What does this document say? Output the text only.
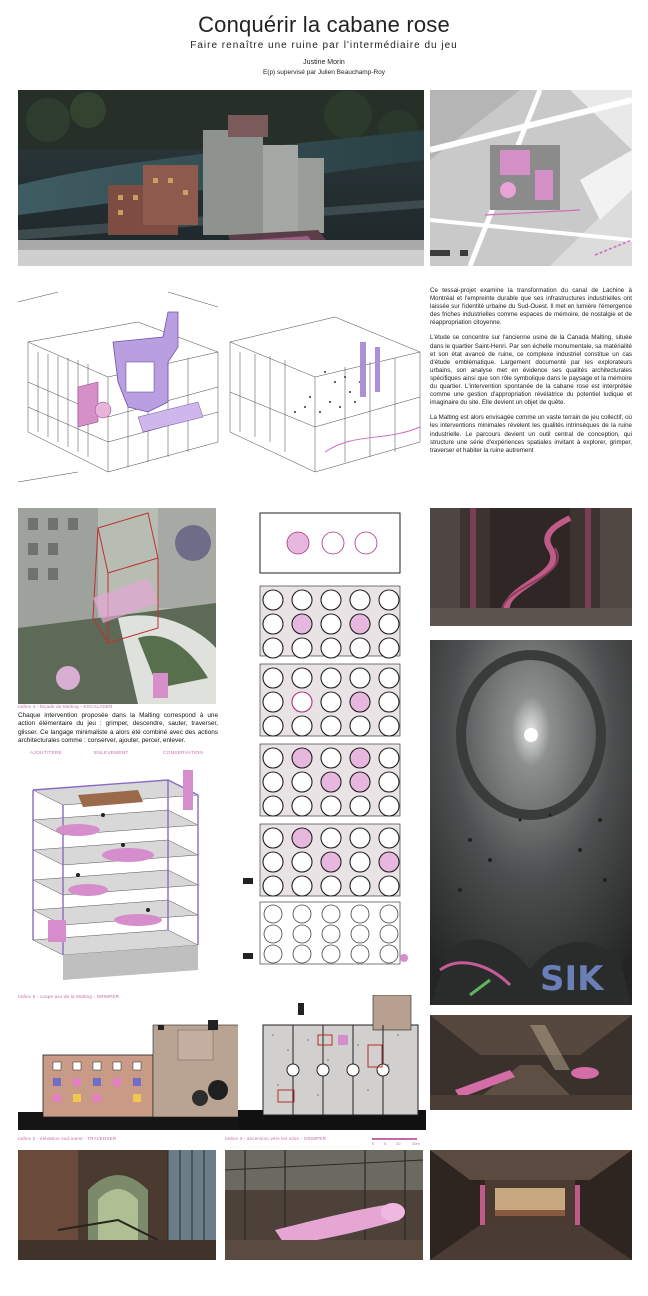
Conquérir la cabane rose
Faire renaître une ruine par l'intermédiaire du jeu
Justine Morin
E(p) supervisé par Julien Beauchamp-Roy

Ce tessai-projet examine la transformation du canal de Lachine à Montréal et l'empreinte durable que ses infrastructures industrielles ont laissée sur l'identité urbaine du Sud-Ouest. Il met en lumière l'émergence des friches industrielles comme espaces de mémoire, de nostalgie et de réappropriation citoyenne.

L'étude se concentre sur l'ancienne usine de la Canada Malting, située dans le quartier Saint-Henri. Par son échelle monumentale, sa matérialité et son état avancé de ruine, ce complexe industriel constitue un cas d'étude emblématique. Largement documenté par les explorateurs urbains, son analyse met en évidence ses qualités architecturales spécifiques ainsi que son rôle symbolique dans le paysage et la mémoire du quartier. L'intervention spontanée de la cabane rose est interprétée comme une gestion d'appropriation révélatrice du potentiel ludique et imaginaire du site. Elle devient un objet de quête.

La Malting est alors envisagée comme un vaste terrain de jeu collectif, où les interventions minimales révèlent les qualités intrinsèques de la ruine industrielle. Le parcours devient un outil central de conception, qui structure une série d'expériences spatiales invitant à explorer, grimper, traverser et habiter la ruine autrement

Indice 4 - façade du Malting - ESCALADER
Chaque intervention proposée dans la Malting correspond à une action élémentaire du jeu : grimper, descendre, sauter, traverser, glisser. Ce langage minimaliste a alors été combiné avec des actions architecturales comme : conserver, ajouter, percer, enlever.
AJOUT/TERE	ENLEVEMENT	CONSERVATION
Indice 5 - coupe axo de la Malting - GRIMPER	SIK
Indice 2 - élévation sud-ouest - TRAVERSER	Indice 3 - ascension vers les silos - GRIMPER
0 5 10	20m
